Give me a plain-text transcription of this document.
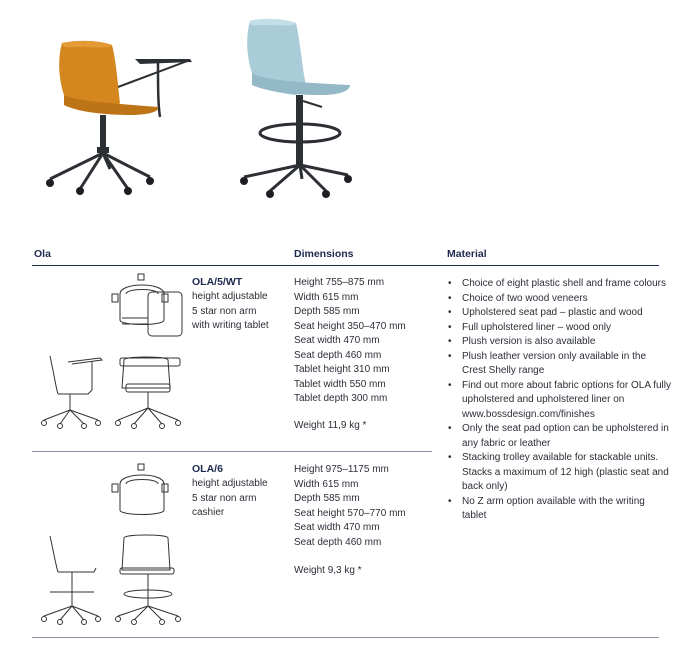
Ola	Dimensions	Material
OLA/5/WT
height adjustable
5 star non arm
with writing tablet
Height 755–875 mm
Width 615 mm
Depth 585 mm
Seat height 350–470 mm
Seat width 470 mm
Seat depth 460 mm
Tablet height 310 mm
Tablet width 550 mm
Tablet depth 300 mm
Weight 11,9 kg *
OLA/6
height adjustable
5 star non arm
cashier
Height 975–1175 mm
Width 615 mm
Depth 585 mm
Seat height 570–770 mm
Seat width 470 mm
Seat depth 460 mm
Weight 9,3 kg *
• Choice of eight plastic shell and frame colours
• Choice of two wood veneers
• Upholstered seat pad – plastic and wood
• Full upholstered liner – wood only
• Plush version is also available
• Plush leather version only available in the Crest Shelly range
• Find out more about fabric options for OLA fully upholstered and upholstered liner on www.bossdesign.com/finishes
• Only the seat pad option can be upholstered in any fabric or leather
• Stacking trolley available for stackable units. Stacks a maximum of 12 high (plastic seat and back only)
• No Z arm option available with the writing tablet
